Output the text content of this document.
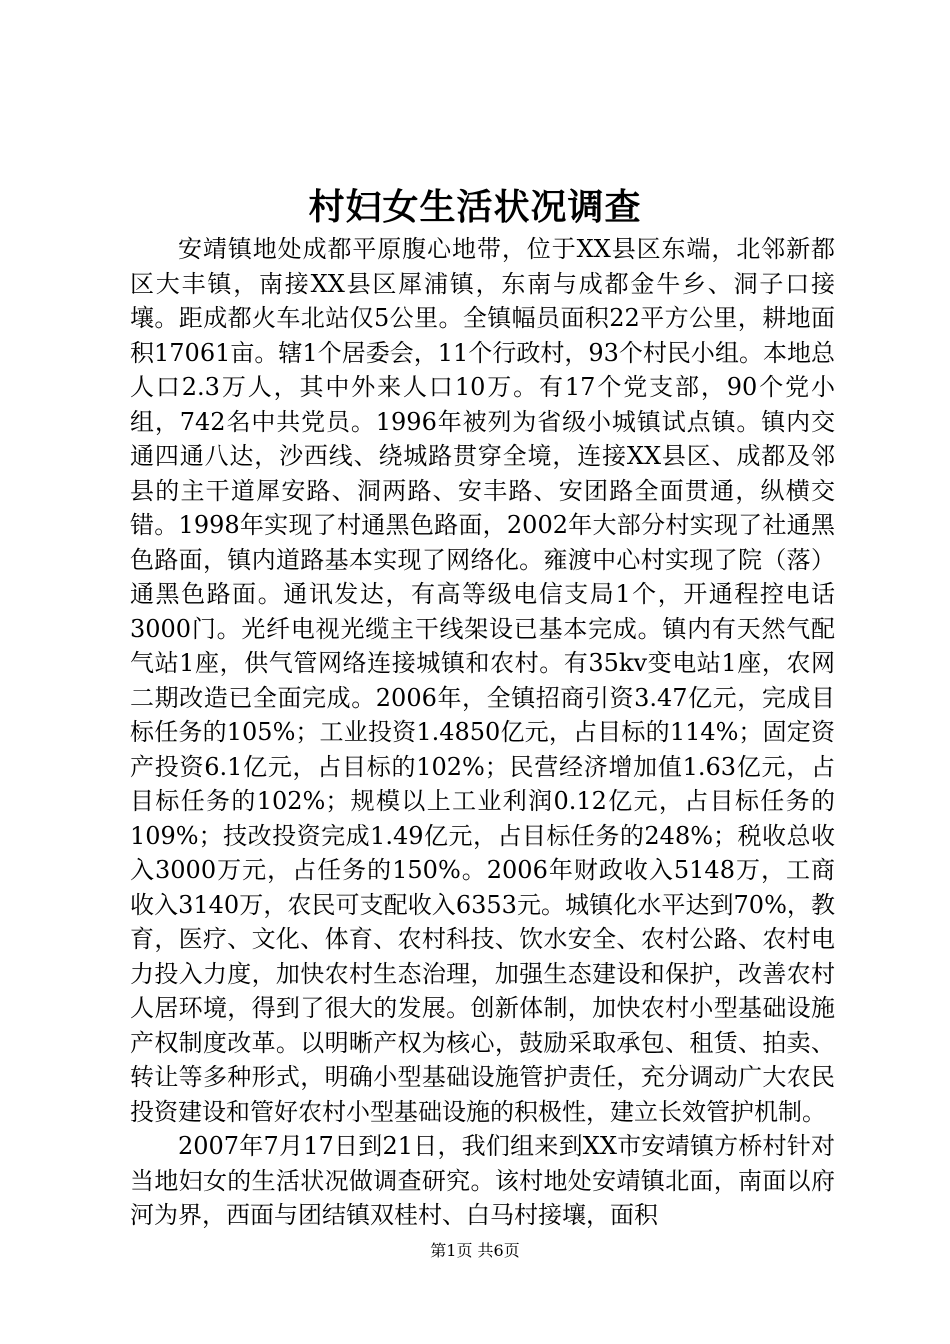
村妇女生活状况调查

安靖镇地处成都平原腹心地带，位于XX县区东端，北邻新都区大丰镇，南接XX县区犀浦镇，东南与成都金牛乡、洞子口接壤。距成都火车北站仅5公里。全镇幅员面积22平方公里，耕地面积17061亩。辖1个居委会，11个行政村，93个村民小组。本地总人口2.3万人，其中外来人口10万。有17个党支部，90个党小组，742名中共党员。1996年被列为省级小城镇试点镇。镇内交通四通八达，沙西线、绕城路贯穿全境，连接XX县区、成都及邻县的主干道犀安路、洞两路、安丰路、安团路全面贯通，纵横交错。1998年实现了村通黑色路面，2002年大部分村实现了社通黑色路面，镇内道路基本实现了网络化。雍渡中心村实现了院（落）通黑色路面。通讯发达，有高等级电信支局1个，开通程控电话3000门。光纤电视光缆主干线架设已基本完成。镇内有天然气配气站1座，供气管网络连接城镇和农村。有35kv变电站1座，农网二期改造已全面完成。2006年，全镇招商引资3.47亿元，完成目标任务的105%；工业投资1.4850亿元，占目标的114%；固定资产投资6.1亿元，占目标的102%；民营经济增加值1.63亿元，占目标任务的102%；规模以上工业利润0.12亿元，占目标任务的109%；技改投资完成1.49亿元，占目标任务的248%；税收总收入3000万元，占任务的150%。2006年财政收入5148万，工商收入3140万，农民可支配收入6353元。城镇化水平达到70%，教育，医疗、文化、体育、农村科技、饮水安全、农村公路、农村电力投入力度，加快农村生态治理，加强生态建设和保护，改善农村人居环境，得到了很大的发展。创新体制，加快农村小型基础设施产权制度改革。以明晰产权为核心，鼓励采取承包、租赁、拍卖、转让等多种形式，明确小型基础设施管护责任，充分调动广大农民投资建设和管好农村小型基础设施的积极性，建立长效管护机制。

2007年7月17日到21日，我们组来到XX市安靖镇方桥村针对当地妇女的生活状况做调查研究。该村地处安靖镇北面，南面以府河为界，西面与团结镇双桂村、白马村接壤，面积

第1页 共6页
